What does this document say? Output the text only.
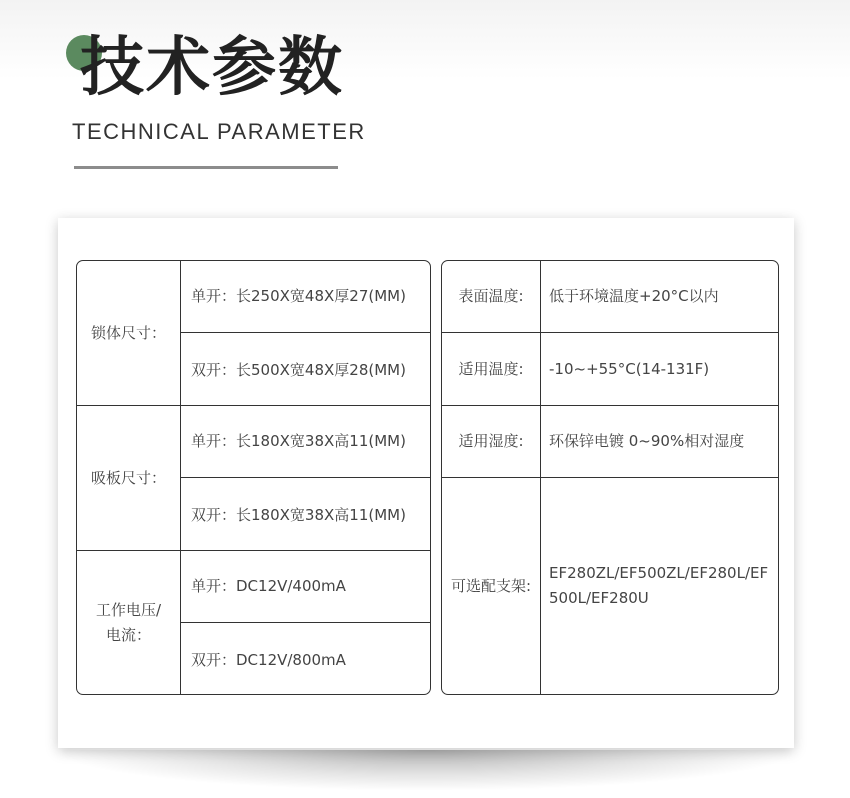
技术参数
TECHNICAL PARAMETER
锁体尺寸：
单开：长250X宽48X厚27(MM)
双开：长500X宽48X厚28(MM)
吸板尺寸：
单开：长180X宽38X高11(MM)
双开：长180X宽38X高11(MM)
工作电压/电流：
单开：DC12V/400mA
双开：DC12V/800mA
表面温度:	低于环境温度+20°C以内
适用温度:	-10~+55°C(14-131F)
适用湿度:	环保锌电镀 0~90%相对湿度
可选配支架:
EF280ZL/EF500ZL/EF280L/EF500L/EF280U
